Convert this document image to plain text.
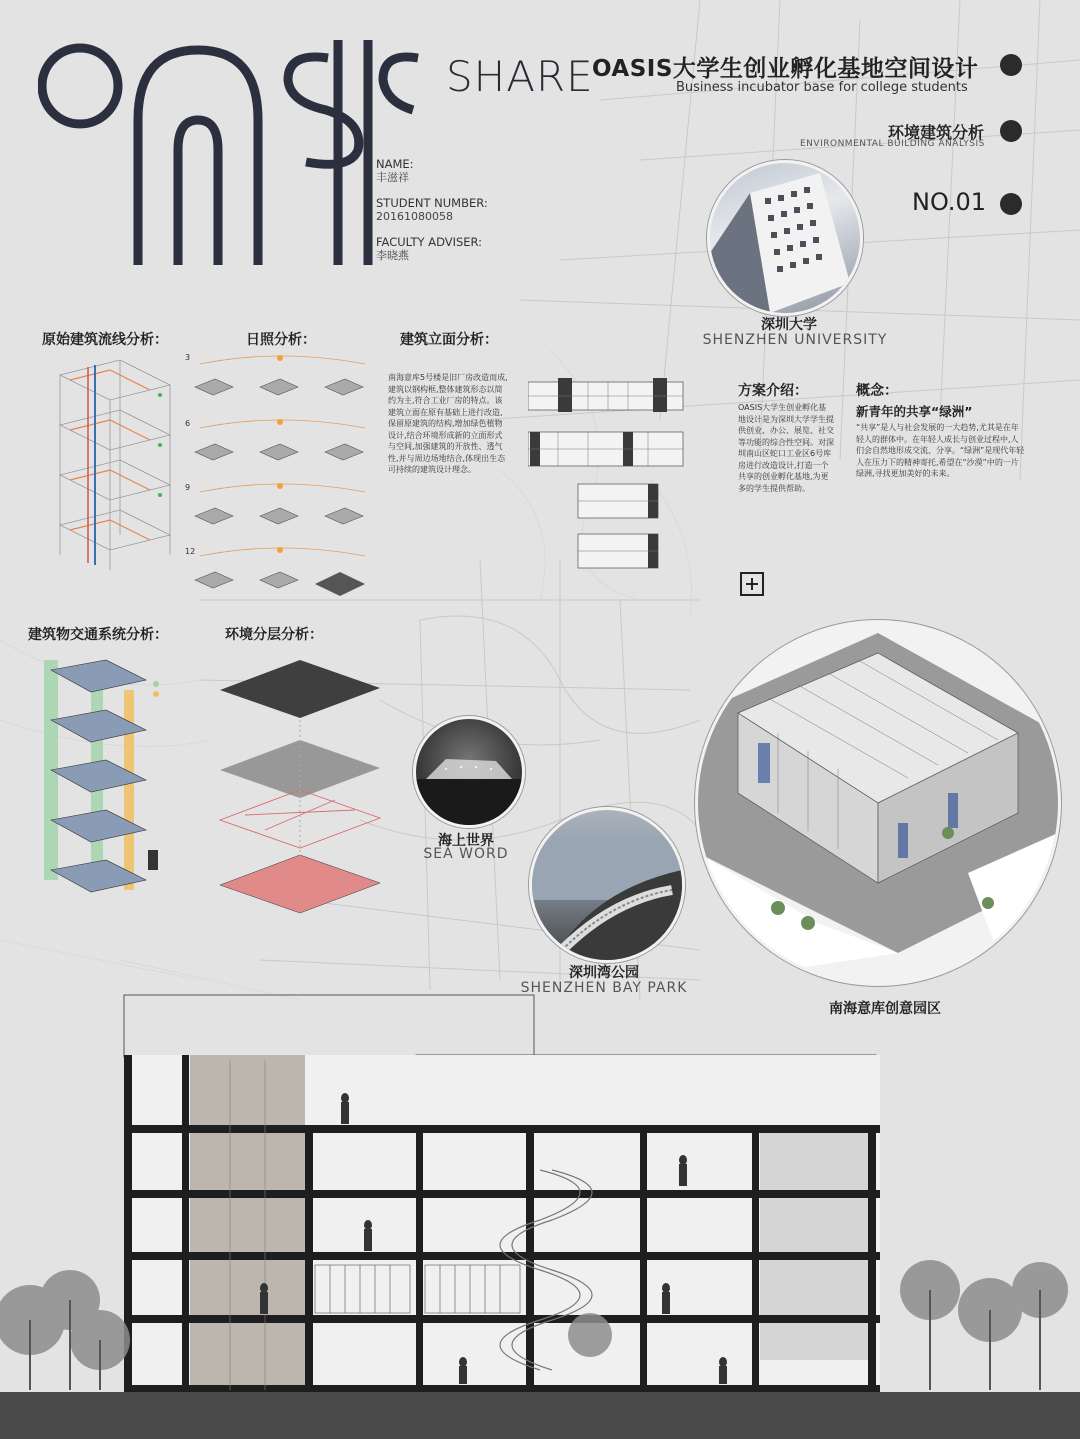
SHARE
OASIS大学生创业孵化基地空间设计
Business incubator base for college students
环境建筑分析
ENVIRONMENTAL BUILDING ANALYSIS
NO.01
NAME:
丰滋祥
STUDENT NUMBER:
20161080058
FACULTY ADVISER:
李晓燕
深圳大学
SHENZHEN UNIVERSITY
原始建筑流线分析：	日照分析：	建筑立面分析：
建筑物交通系统分析：	环境分层分析：
3
6
9
12
南海意库5号楼是旧厂房改造而成,建筑以钢构框,整体建筑形态以简约为主,符合工业厂房的特点。该建筑立面在原有基础上进行改造,保留原建筑的结构,增加绿色植物设计,结合环境形成新的立面形式与空间,加强建筑的开放性、透气性,并与周边场地结合,体现出生态可持续的建筑设计理念。
方案介绍：
OASIS大学生创业孵化基地设计是为深圳大学学生提供创业、办公、展览、社交等功能的综合性空间。对深圳南山区蛇口工业区6号库房进行改造设计,打造一个共享的创业孵化基地,为更多的学生提供帮助。
概念：
新青年的共享“绿洲”
“共享”是人与社会发展的一大趋势,尤其是在年轻人的群体中。在年轻人成长与创业过程中,人们会自然地形成交流、分享。“绿洲”是现代年轻人在压力下的精神寄托,希望在“沙漠”中的一片绿洲,寻找更加美好的未来。
海上世界
SEA WORD
深圳湾公园
SHENZHEN BAY PARK
南海意库创意园区
